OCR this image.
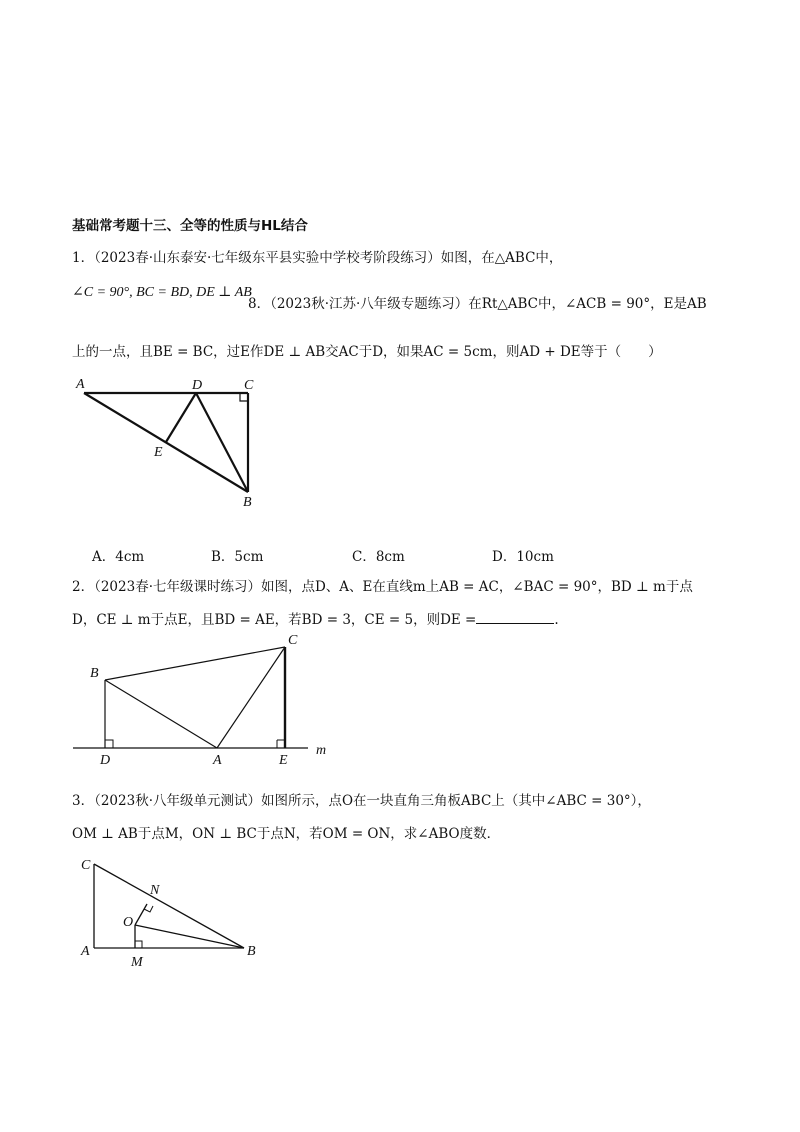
基础常考题十三、全等的性质与HL结合
1．（2023春·山东泰安·七年级东平县实验中学校考阶段练习）如图，在△ABC中，
∠C = 90°, BC = BD, DE ⊥ AB
8．（2023秋·江苏·八年级专题练习）在Rt△ABC中，∠ACB = 90°，E是AB
上的一点，且BE = BC，过E作DE ⊥ AB交AC于D，如果AC = 5cm，则AD + DE等于（　　）
A	D	C
E
B
A．4cm	B．5cm	C．8cm	D．10cm
2．（2023春·七年级课时练习）如图，点D、A、E在直线m上AB = AC，∠BAC = 90°，BD ⊥ m于点
D，CE ⊥ m于点E，且BD = AE，若BD = 3，CE = 5，则DE =	.
B
C
D	A	E
m
3．（2023秋·八年级单元测试）如图所示，点O在一块直角三角板ABC上（其中∠ABC = 30°），
OM ⊥ AB于点M，ON ⊥ BC于点N，若OM = ON，求∠ABO度数．
C
N
O
A
M
B
